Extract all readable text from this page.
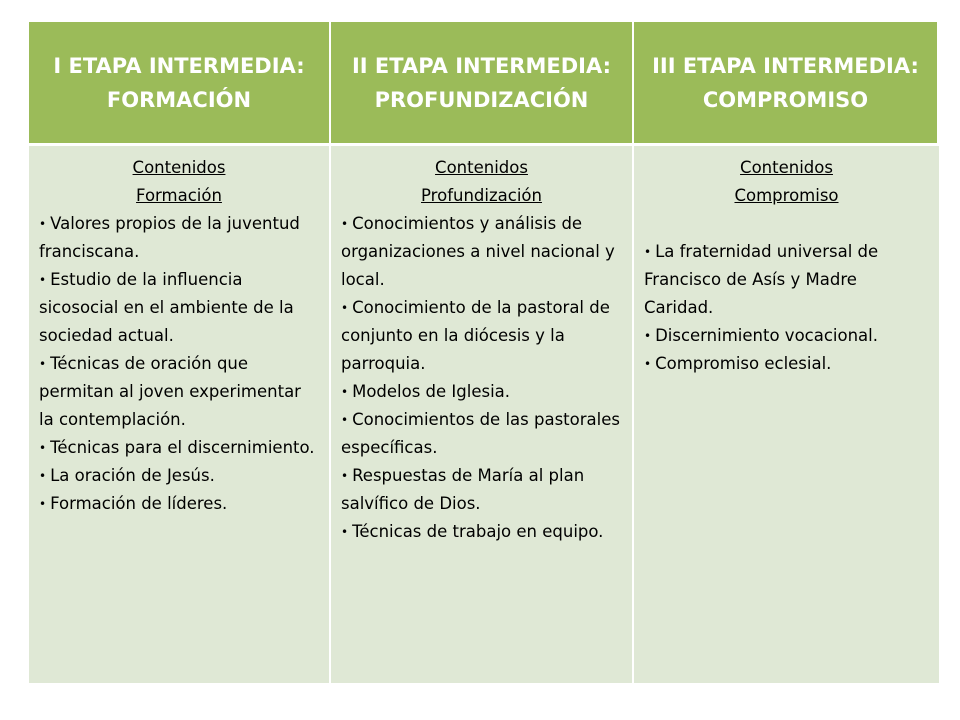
I ETAPA INTERMEDIA:
FORMACIÓN
II ETAPA INTERMEDIA:
PROFUNDIZACIÓN
III ETAPA INTERMEDIA:
COMPROMISO

Contenidos

Formación

• Valores propios de la juventud franciscana.
• Estudio de la influencia sicosocial en el ambiente de la sociedad actual.
• Técnicas de oración que permitan al joven experimentar la contemplación.
• Técnicas para el discernimiento.
• La oración de Jesús.
• Formación de líderes.

Contenidos

Profundización

• Conocimientos y análisis de organizaciones a nivel nacional y local.
• Conocimiento de la pastoral de conjunto en la diócesis y la parroquia.
• Modelos de Iglesia.
• Conocimientos de las pastorales específicas.
• Respuestas de María al plan salvífico de Dios.
• Técnicas de trabajo en equipo.

Contenidos

Compromiso

• La fraternidad universal de Francisco de Asís y Madre Caridad.
• Discernimiento vocacional.
• Compromiso eclesial.
